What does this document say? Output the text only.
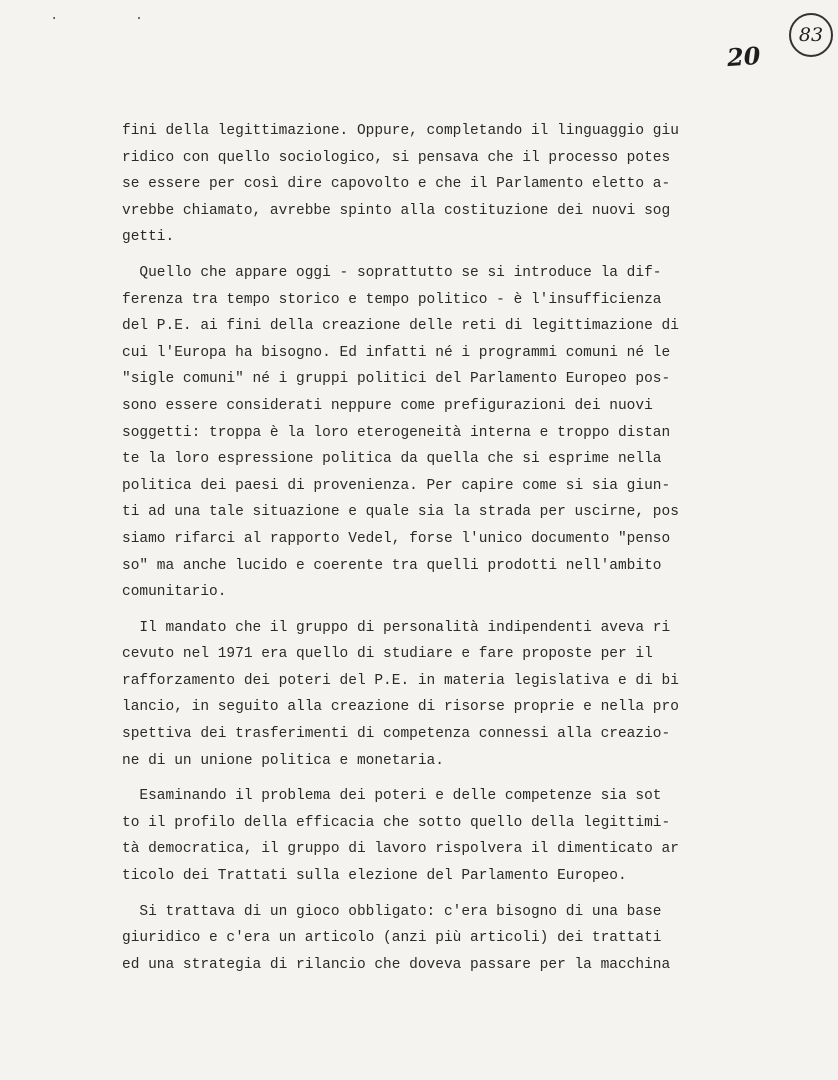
. .
83
20
fini della legittimazione. Oppure, completando il linguaggio giu
ridico con quello sociologico, si pensava che il processo potes
se essere per così dire capovolto e che il Parlamento eletto a-
vrebbe chiamato, avrebbe spinto alla costituzione dei nuovi sog
getti.
Quello che appare oggi - soprattutto se si introduce la dif-
ferenza tra tempo storico e tempo politico - è l'insufficienza
del P.E. ai fini della creazione delle reti di legittimazione di
cui l'Europa ha bisogno. Ed infatti né i programmi comuni né le
"sigle comuni" né i gruppi politici del Parlamento Europeo pos-
sono essere considerati neppure come prefigurazioni dei nuovi
soggetti: troppa è la loro eterogeneità interna e troppo distan
te la loro espressione politica da quella che si esprime nella
politica dei paesi di provenienza. Per capire come si sia giun-
ti ad una tale situazione e quale sia la strada per uscirne, pos
siamo rifarci al rapporto Vedel, forse l'unico documento "penso
so" ma anche lucido e coerente tra quelli prodotti nell'ambito
comunitario.
Il mandato che il gruppo di personalità indipendenti aveva ri
cevuto nel 1971 era quello di studiare e fare proposte per il
rafforzamento dei poteri del P.E. in materia legislativa e di bi
lancio, in seguito alla creazione di risorse proprie e nella pro
spettiva dei trasferimenti di competenza connessi alla creazio-
ne di un unione politica e monetaria.
Esaminando il problema dei poteri e delle competenze sia sot
to il profilo della efficacia che sotto quello della legittimi-
tà democratica, il gruppo di lavoro rispolvera il dimenticato ar
ticolo dei Trattati sulla elezione del Parlamento Europeo.
Si trattava di un gioco obbligato: c'era bisogno di una base
giuridico e c'era un articolo (anzi più articoli) dei trattati
ed una strategia di rilancio che doveva passare per la macchina
